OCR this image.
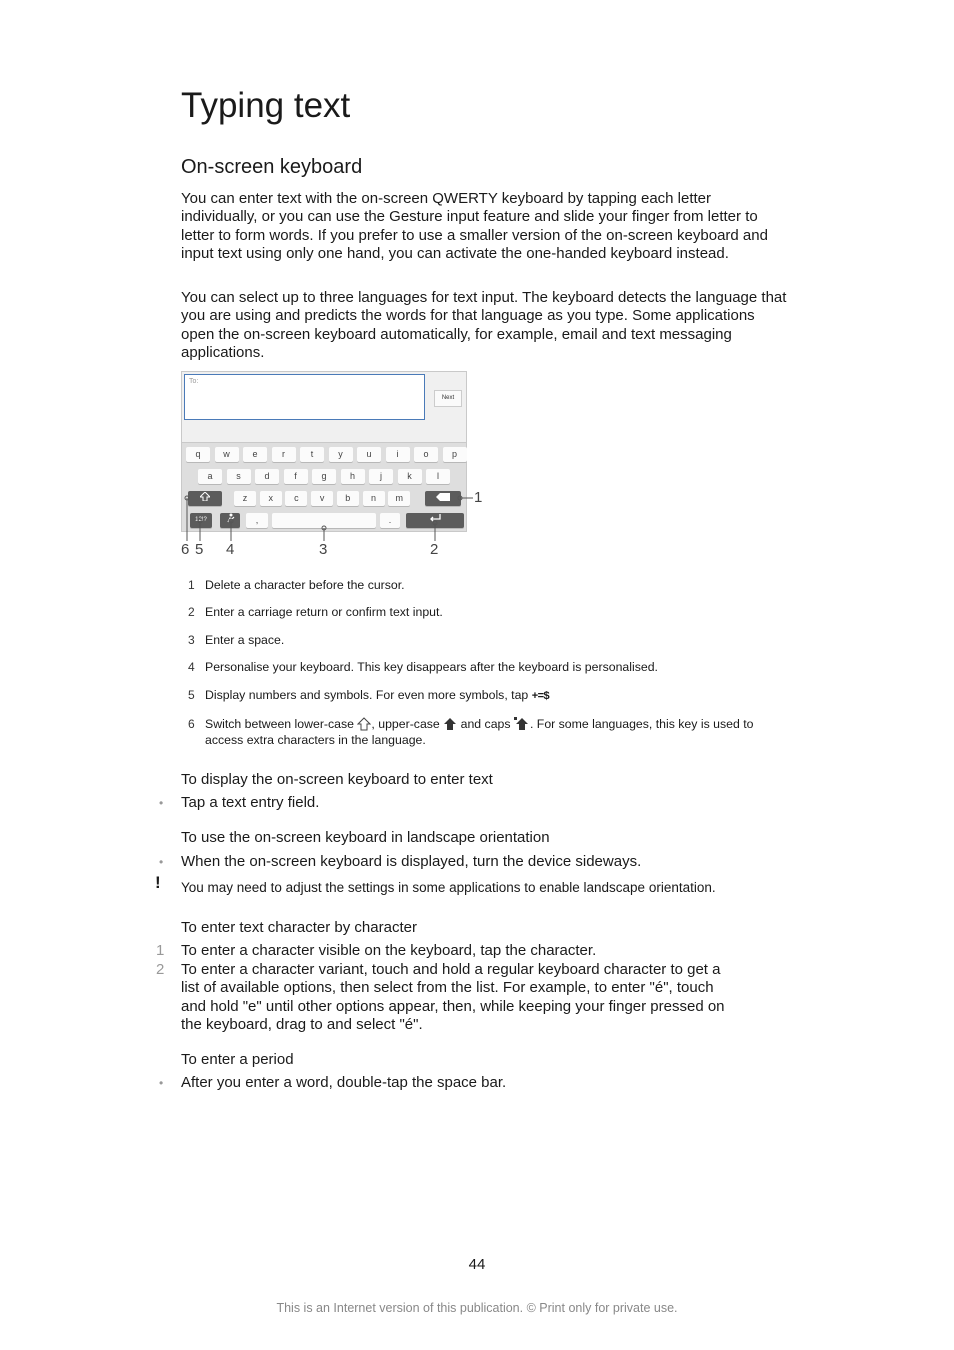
Typing text
On-screen keyboard

You can enter text with the on-screen QWERTY keyboard by tapping each letter individually, or you can use the Gesture input feature and slide your finger from letter to letter to form words. If you prefer to use a smaller version of the on-screen keyboard and input text using only one hand, you can activate the one-handed keyboard instead.

You can select up to three languages for text input. The keyboard detects the language that you are using and predicts the words for that language as you type. Some applications open the on-screen keyboard automatically, for example, email and text messaging applications.

To:
Next
q	w	e	r	t	y	u	i	o	p
a	s	d	f	g	h	j	k	l
z	x	c	v	b	n	m
12!?	,	.
6 5 4	3	2
1
1 Delete a character before the cursor.
2 Enter a carriage return or confirm text input.
3 Enter a space.
4 Personalise your keyboard. This key disappears after the keyboard is personalised.
5 Display numbers and symbols. For even more symbols, tap +=$
6 Switch between lower-case , upper-case and caps . For some languages, this key is used to access extra characters in the language.
To display the on-screen keyboard to enter text
• Tap a text entry field.
To use the on-screen keyboard in landscape orientation
• When the on-screen keyboard is displayed, turn the device sideways.
! You may need to adjust the settings in some applications to enable landscape orientation.
To enter text character by character
1 To enter a character visible on the keyboard, tap the character.
2 To enter a character variant, touch and hold a regular keyboard character to get a list of available options, then select from the list. For example, to enter "é", touch and hold "e" until other options appear, then, while keeping your finger pressed on the keyboard, drag to and select "é".
To enter a period
• After you enter a word, double-tap the space bar.
44
This is an Internet version of this publication. © Print only for private use.
